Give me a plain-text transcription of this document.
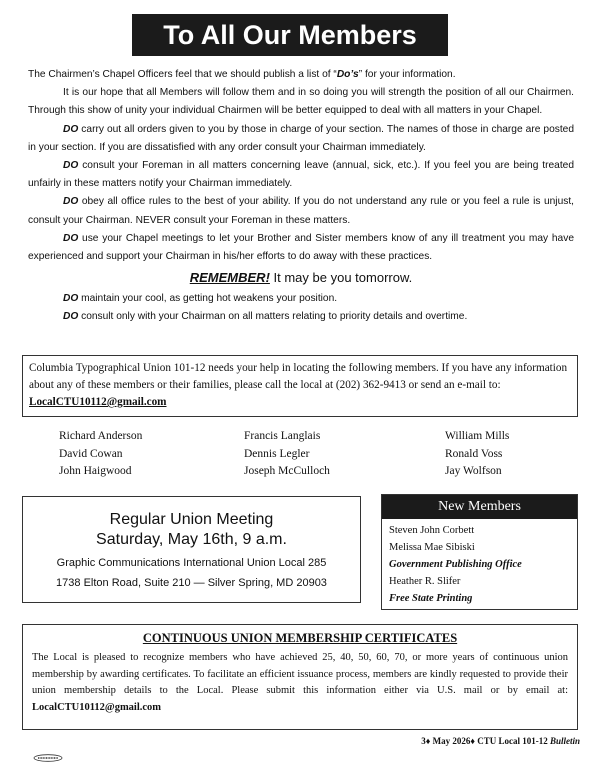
To All Our Members

The Chairmen’s Chapel Officers feel that we should publish a list of “Do’s” for your information.

It is our hope that all Members will follow them and in so doing you will strength the position of all our Chairmen. Through this show of unity your individual Chairmen will be better equipped to deal with all matters in your Chapel.

DO carry out all orders given to you by those in charge of your section. The names of those in charge are posted in your section. If you are dissatisfied with any order consult your Chairman immediately.

DO consult your Foreman in all matters concerning leave (annual, sick, etc.). If you feel you are being treated unfairly in these matters notify your Chairman immediately.

DO obey all office rules to the best of your ability. If you do not understand any rule or you feel a rule is unjust, consult your Chairman. NEVER consult your Foreman in these matters.

DO use your Chapel meetings to let your Brother and Sister members know of any ill treatment you may have experienced and support your Chairman in his/her efforts to do away with these practices.

REMEMBER! It may be you tomorrow.

DO maintain your cool, as getting hot weakens your position.

DO consult only with your Chairman on all matters relating to priority details and overtime.

Columbia Typographical Union 101-12 needs your help in locating the following members. If you have any information about any of these members or their families, please call the local at (202) 362-9413 or send an e-mail to: LocalCTU10112@gmail.com
Richard Anderson
David Cowan
John Haigwood
Francis Langlais
Dennis Legler
Joseph McCulloch
William Mills
Ronald Voss
Jay Wolfson
Regular Union Meeting
Saturday, May 16th, 9 a.m.
Graphic Communications International Union Local 285
1738 Elton Road, Suite 210 — Silver Spring, MD 20903
New Members
Steven John Corbett
Melissa Mae Sibiski
Government Publishing Office
Heather R. Slifer
Free State Printing
CONTINUOUS UNION MEMBERSHIP CERTIFICATES
The Local is pleased to recognize members who have achieved 25, 40, 50, 60, 70, or more years of continuous union membership by awarding certificates. To facilitate an efficient issuance process, members are kindly requested to provide their union membership details to the Local. Please submit this information either via U.S. mail or by email at: LocalCTU10112@gmail.com
3♦ May 2026♦ CTU Local 101-12 Bulletin
